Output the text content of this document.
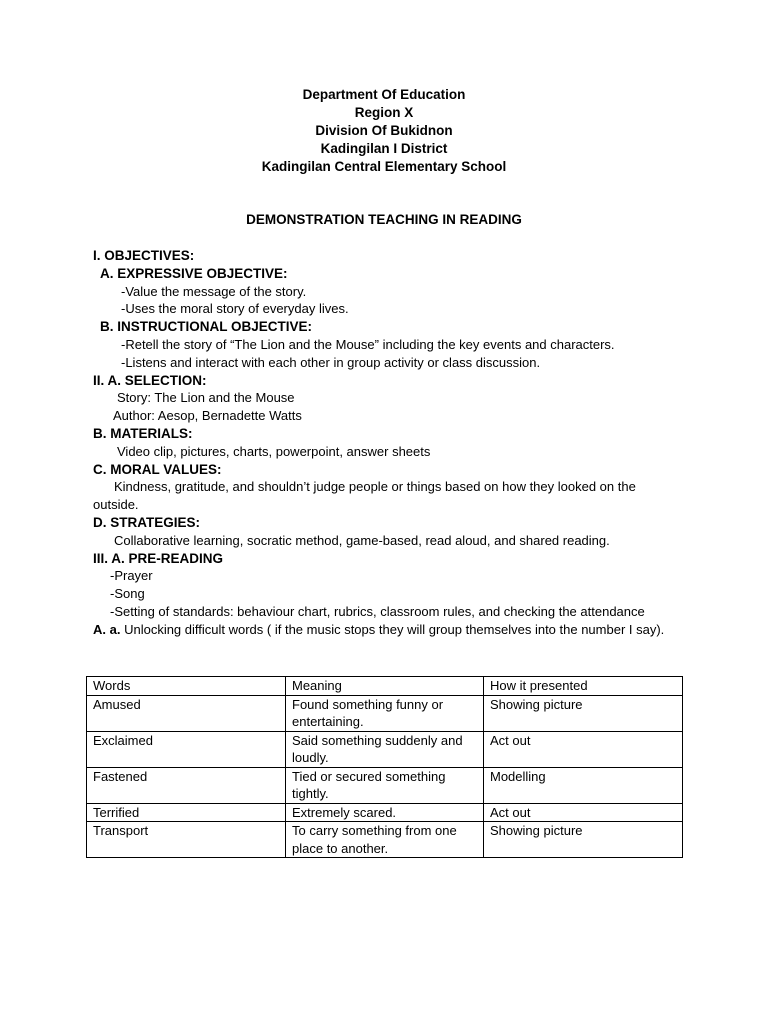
Department Of Education
Region X
Division Of Bukidnon
Kadingilan I District
Kadingilan Central Elementary School
DEMONSTRATION TEACHING IN READING
I. OBJECTIVES:
A. EXPRESSIVE OBJECTIVE:
-Value the message of the story.
-Uses the moral story of everyday lives.
B. INSTRUCTIONAL OBJECTIVE:
-Retell the story of “The Lion and the Mouse” including the key events and characters.
-Listens and interact with each other in group activity or class discussion.
II. A. SELECTION:
Story: The Lion and the Mouse
Author: Aesop, Bernadette Watts
B. MATERIALS:
Video clip, pictures, charts, powerpoint, answer sheets
C. MORAL VALUES:
Kindness, gratitude, and shouldn’t judge people or things based on how they looked on the outside.
D. STRATEGIES:
Collaborative learning, socratic method, game-based, read aloud, and shared reading.
III. A. PRE-READING
-Prayer
-Song
-Setting of standards: behaviour chart, rubrics, classroom rules, and checking the attendance
A. a. Unlocking difficult words ( if the music stops they will group themselves into the number I say).
Words	Meaning	How it presented
Amused	Found something funny or entertaining.	Showing picture
Exclaimed	Said something suddenly and loudly.	Act out
Fastened	Tied or secured something tightly.	Modelling
Terrified	Extremely scared.	Act out
Transport	To carry something from one place to another.	Showing picture
